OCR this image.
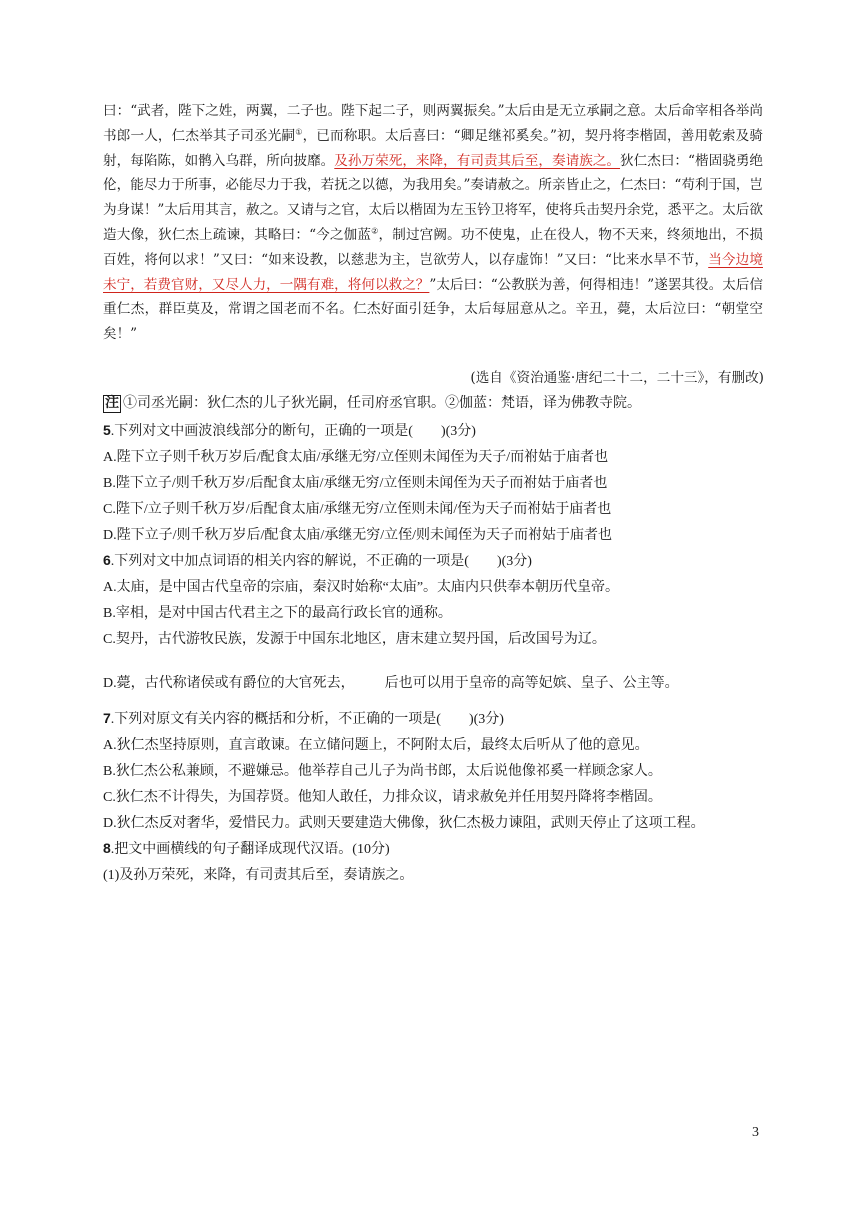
曰：“武者，陛下之姓，两翼，二子也。陛下起二子，则两翼振矣。”太后由是无立承嗣之意。太后命宰相各举尚书郎一人，仁杰举其子司丞光嗣①，已而称职。太后喜曰：“卿足继祁奚矣。”初，契丹将李楷固，善用乾索及骑射，每陷陈，如鹘入乌群，所向披靡。及孙万荣死，来降，有司责其后至，奏请族之。狄仁杰曰：“楷固骁勇绝伦，能尽力于所事，必能尽力于我，若抚之以德，为我用矣。”奏请赦之。所亲皆止之，仁杰曰：“苟利于国，岂为身谋！”太后用其言，赦之。又请与之官，太后以楷固为左玉钤卫将军，使将兵击契丹余党，悉平之。太后欲造大像，狄仁杰上疏谏，其略曰：“今之伽蓝②，制过宫阙。功不使鬼，止在役人，物不天来，终须地出，不损百姓，将何以求！”又曰：“如来设教，以慈悲为主，岂欲劳人，以存虚饰！”又曰：“比来水旱不节，当今边境未宁，若费官财，又尽人力，一隅有难，将何以救之？”太后曰：“公教朕为善，何得相违！”遂罢其役。太后信重仁杰，群臣莫及，常谓之国老而不名。仁杰好面引廷争，太后每屈意从之。辛丑，薨，太后泣曰：“朝堂空矣！”
(选自《资治通鉴·唐纪二十二，二十三》，有删改)
注 ①司丞光嗣：狄仁杰的儿子狄光嗣，任司府丞官职。②伽蓝：梵语，译为佛教寺院。
5.下列对文中画波浪线部分的断句，正确的一项是(　　)(3分)
A.陛下立子则千秋万岁后/配食太庙/承继无穷/立侄则未闻侄为天子/而祔姑于庙者也
B.陛下立子/则千秋万岁/后配食太庙/承继无穷/立侄则未闻侄为天子而祔姑于庙者也
C.陛下/立子则千秋万岁/后配食太庙/承继无穷/立侄则未闻/侄为天子而祔姑于庙者也
D.陛下立子/则千秋万岁后/配食太庙/承继无穷/立侄/则未闻侄为天子而祔姑于庙者也
6.下列对文中加点词语的相关内容的解说，不正确的一项是(　　)(3分)
A.太庙，是中国古代皇帝的宗庙，秦汉时始称“太庙”。太庙内只供奉本朝历代皇帝。
B.宰相，是对中国古代君主之下的最高行政长官的通称。
C.契丹，古代游牧民族，发源于中国东北地区，唐末建立契丹国，后改国号为辽。
D.薨，古代称诸侯或有爵位的大官死去， 后也可以用于皇帝的高等妃嫔、皇子、公主等。
7.下列对原文有关内容的概括和分析，不正确的一项是(　　)(3分)
A.狄仁杰坚持原则，直言敢谏。在立储问题上，不阿附太后，最终太后听从了他的意见。
B.狄仁杰公私兼顾，不避嫌忌。他举荐自己儿子为尚书郎，太后说他像祁奚一样顾念家人。
C.狄仁杰不计得失，为国荐贤。他知人敢任，力排众议，请求赦免并任用契丹降将李楷固。
D.狄仁杰反对奢华，爱惜民力。武则天要建造大佛像，狄仁杰极力谏阻，武则天停止了这项工程。
8.把文中画横线的句子翻译成现代汉语。(10分)
(1)及孙万荣死，来降，有司责其后至，奏请族之。
3
